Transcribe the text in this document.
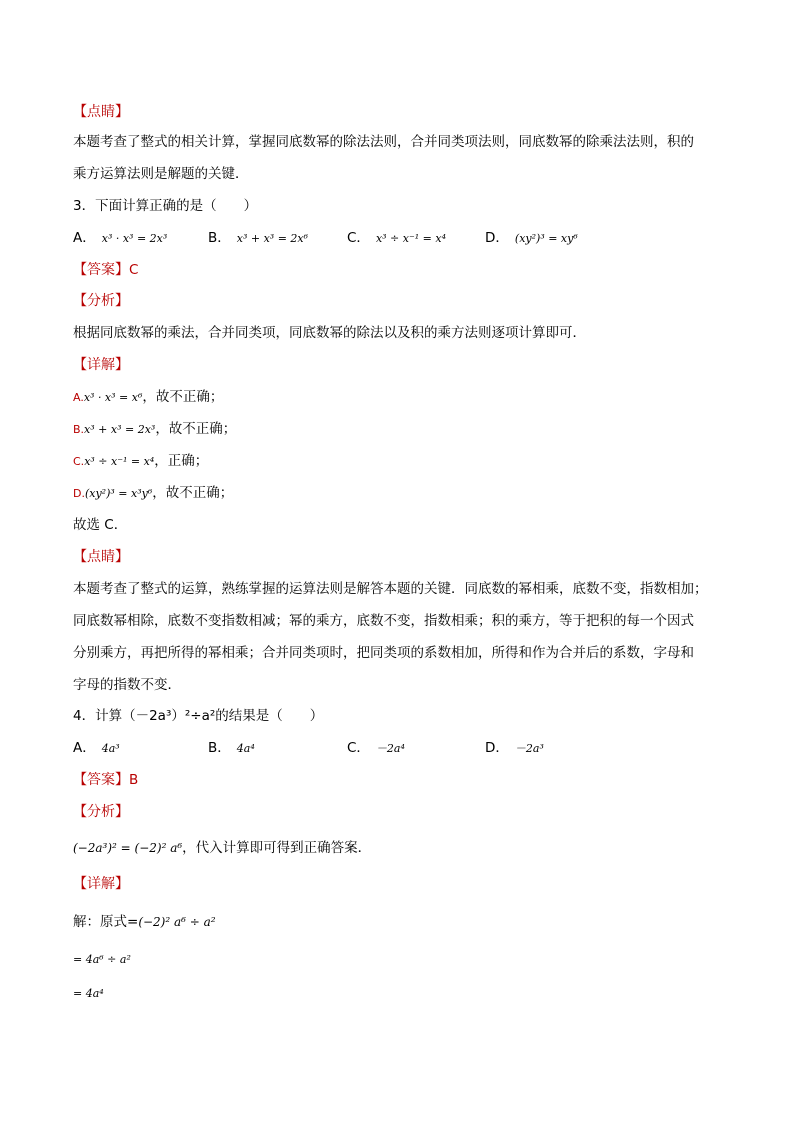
【点睛】
本题考查了整式的相关计算，掌握同底数幂的除法法则，合并同类项法则，同底数幂的除乘法法则，积的
乘方运算法则是解题的关键．
3．下面计算正确的是（　　）
A． x³ · x³ = 2x³	B． x³ + x³ = 2x⁶	C． x³ ÷ x⁻¹ = x⁴	D． (xy²)³ = xy⁶
【答案】C
【分析】
根据同底数幂的乘法，合并同类项，同底数幂的除法以及积的乘方法则逐项计算即可．
【详解】
A.x³ · x³ = x⁶，故不正确；
B.x³ + x³ = 2x³，故不正确；
C.x³ ÷ x⁻¹ = x⁴，正确；
D.(xy²)³ = x³y⁶，故不正确；
故选 C．
【点睛】
本题考查了整式的运算，熟练掌握的运算法则是解答本题的关键．同底数的幂相乘，底数不变，指数相加；
同底数幂相除，底数不变指数相减；幂的乘方，底数不变，指数相乘；积的乘方，等于把积的每一个因式
分别乘方，再把所得的幂相乘；合并同类项时，把同类项的系数相加，所得和作为合并后的系数，字母和
字母的指数不变．
4．计算（－2a³）²÷a²的结果是（　　）
A． 4a³	B． 4a⁴	C． －2a⁴	D． －2a³
【答案】B
【分析】
(−2a³)² = (−2)² a⁶，代入计算即可得到正确答案．
【详解】
解：原式=(−2)² a⁶ ÷ a²
= 4a⁶ ÷ a²
= 4a⁴
